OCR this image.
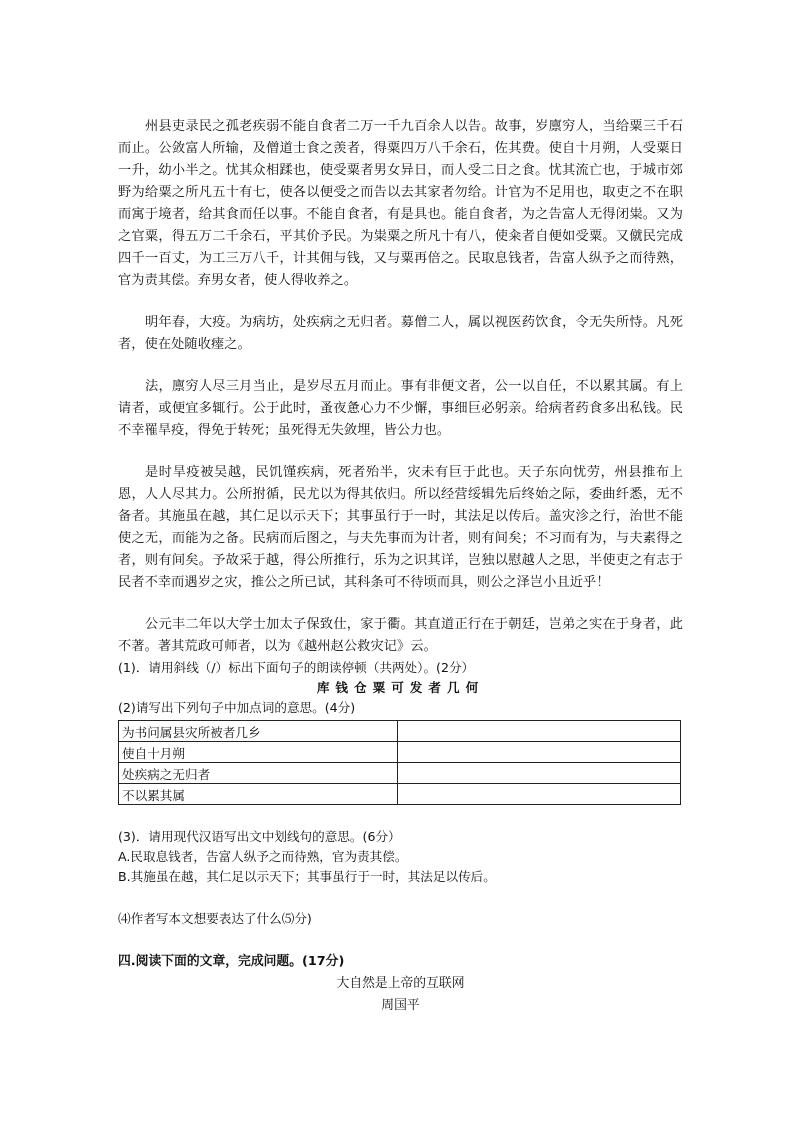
州县吏录民之孤老疾弱不能自食者二万一千九百余人以告。故事，岁廪穷人，当给粟三千石而止。公敛富人所输，及僧道士食之羡者，得粟四万八千余石，佐其费。使自十月朔，人受粟日一升，幼小半之。忧其众相蹂也，使受粟者男女异日，而人受二日之食。忧其流亡也，于城市郊野为给粟之所凡五十有七，使各以便受之而告以去其家者勿给。计官为不足用也，取吏之不在职而寓于境者，给其食而任以事。不能自食者，有是具也。能自食者，为之告富人无得闭粜。又为之官粟，得五万二千余石，平其价予民。为粜粟之所凡十有八，使籴者自便如受粟。又僦民完成四千一百丈，为工三万八千，计其佣与钱，又与粟再倍之。民取息钱者，告富人纵予之而待熟，官为责其偿。弃男女者，使人得收养之。

明年春，大疫。为病坊，处疾病之无归者。募僧二人，属以视医药饮食，令无失所恃。凡死者，使在处随收瘗之。

法，廪穷人尽三月当止，是岁尽五月而止。事有非便文者，公一以自任，不以累其属。有上请者，或便宜多辄行。公于此时，蚤夜惫心力不少懈，事细巨必躬亲。给病者药食多出私钱。民不幸罹旱疫，得免于转死；虽死得无失敛埋，皆公力也。

是时旱疫被吴越，民饥馑疾病，死者殆半，灾未有巨于此也。天子东向忧劳，州县推布上恩，人人尽其力。公所拊循，民尤以为得其依归。所以经营绥辑先后终始之际，委曲纤悉，无不备者。其施虽在越，其仁足以示天下；其事虽行于一时，其法足以传后。盖灾沴之行，治世不能使之无，而能为之备。民病而后图之，与夫先事而为计者，则有间矣；不习而有为，与夫素得之者，则有间矣。予故采于越，得公所推行，乐为之识其详，岂独以慰越人之思，半使吏之有志于民者不幸而遇岁之灾，推公之所已试，其科条可不待顷而具，则公之泽岂小且近乎！

公元丰二年以大学士加太子保致仕，家于衢。其直道正行在于朝廷，岂弟之实在于身者，此不著。著其荒政可师者，以为《越州赵公救灾记》云。

(1)．请用斜线（/）标出下面句子的朗读停顿（共两处）。(2分）

库钱仓粟可发者几何

(2)请写出下列句子中加点词的意思。(4分)

为书问属县灾所被者几乡	
使自十月朔	
处疾病之无归者	
不以累其属	

(3)．请用现代汉语写出文中划线句的意思。(6分）

A.民取息钱者，告富人纵予之而待熟，官为责其偿。

B.其施虽在越，其仁足以示天下；其事虽行于一时，其法足以传后。

⑷作者写本文想要表达了什么⑸分)

四.阅读下面的文章，完成问题。(17分)

大自然是上帝的互联网

周国平
